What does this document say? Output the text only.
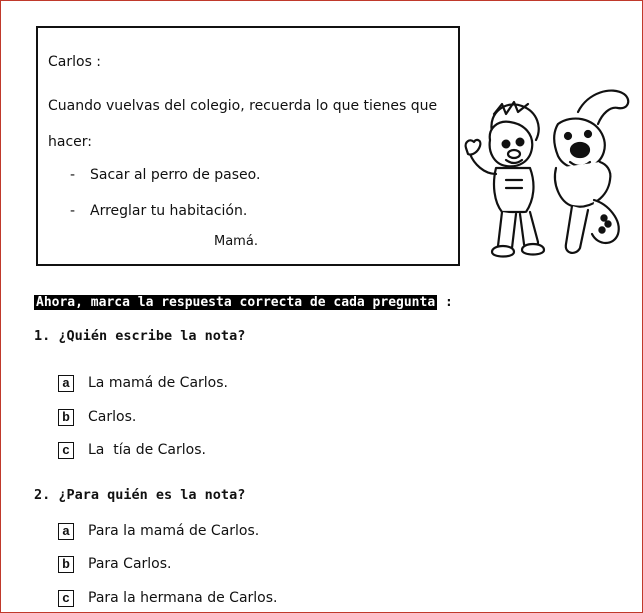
Carlos :
Cuando vuelvas del colegio, recuerda lo que tienes que
hacer:
- Sacar al perro de paseo.
- Arreglar tu habitación.
Mamá.
Ahora, marca la respuesta correcta de cada pregunta :
1. ¿Quién escribe la nota?
a La mamá de Carlos.
b Carlos.
c La  tía de Carlos.
2. ¿Para quién es la nota?
a Para la mamá de Carlos.
b Para Carlos.
c Para la hermana de Carlos.
